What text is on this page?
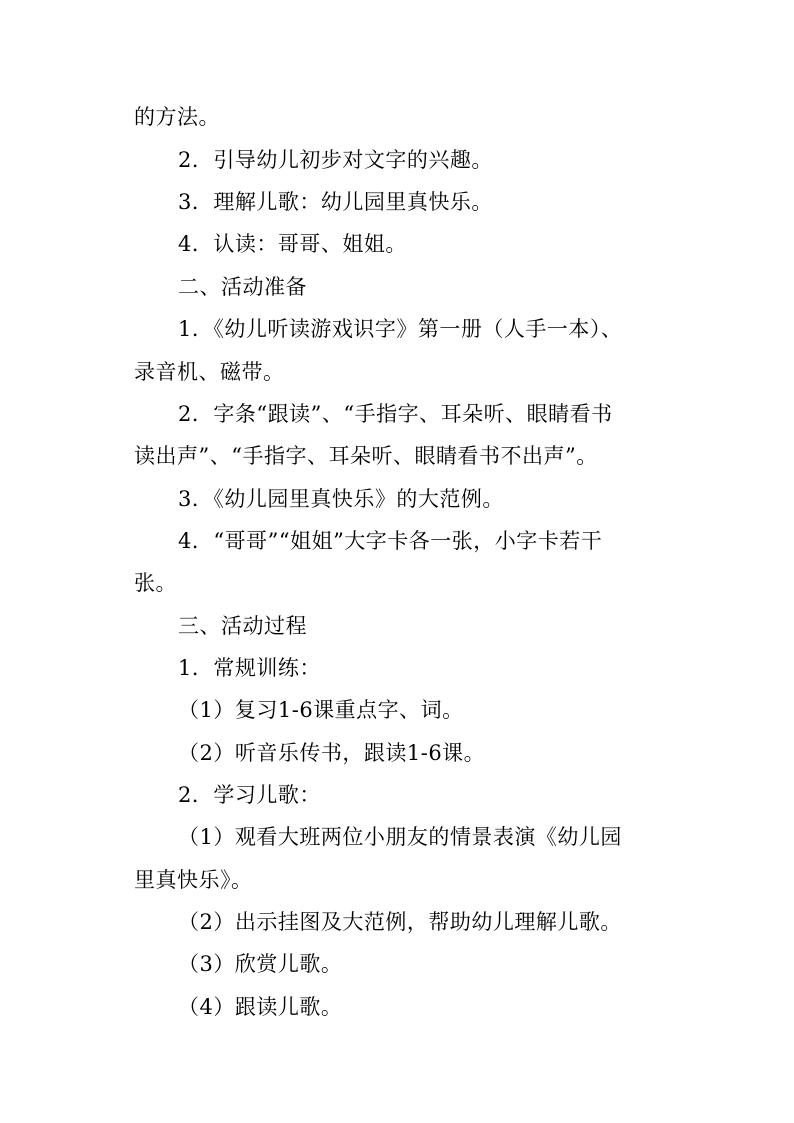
的方法。
2．引导幼儿初步对文字的兴趣。
3．理解儿歌：幼儿园里真快乐。
4．认读：哥哥、姐姐。
二、活动准备
1．《幼儿听读游戏识字》第一册（人手一本）、
录音机、磁带。
2．字条“跟读”、“手指字、耳朵听、眼睛看书
读出声”、“手指字、耳朵听、眼睛看书不出声”。
3．《幼儿园里真快乐》的大范例。
4．“哥哥”“姐姐”大字卡各一张，小字卡若干
张。
三、活动过程
1．常规训练：
（1）复习1-6课重点字、词。
（2）听音乐传书，跟读1-6课。
2．学习儿歌：
（1）观看大班两位小朋友的情景表演《幼儿园
里真快乐》。
（2）出示挂图及大范例，帮助幼儿理解儿歌。
（3）欣赏儿歌。
（4）跟读儿歌。
